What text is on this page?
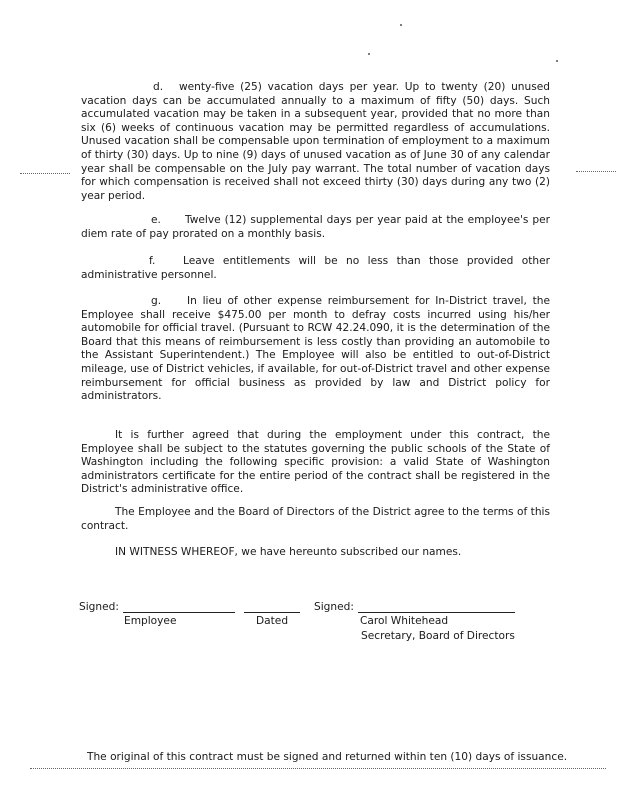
d. wenty-five (25) vacation days per year. Up to twenty (20) unused vacation days can be accumulated annually to a maximum of fifty (50) days. Such accumulated vacation may be taken in a subsequent year, provided that no more than six (6) weeks of continuous vacation may be permitted regardless of accumulations. Unused vacation shall be compensable upon termination of employment to a maximum of thirty (30) days. Up to nine (9) days of unused vacation as of June 30 of any calendar year shall be compensable on the July pay warrant. The total number of vacation days for which compensation is received shall not exceed thirty (30) days during any two (2) year period.

e. Twelve (12) supplemental days per year paid at the employee's per diem rate of pay prorated on a monthly basis.

f.	Leave entitlements will be no less than those provided other administrative personnel.

g. In lieu of other expense reimbursement for In-District travel, the Employee shall receive $475.00 per month to defray costs incurred using his/her automobile for official travel. (Pursuant to RCW 42.24.090, it is the determination of the Board that this means of reimbursement is less costly than providing an automobile to the Assistant Superintendent.) The Employee will also be entitled to out-of-District mileage, use of District vehicles, if available, for out-of-District travel and other expense reimbursement for official business as provided by law and District policy for administrators.

It is further agreed that during the employment under this contract, the Employee shall be subject to the statutes governing the public schools of the State of Washington including the following specific provision: a valid State of Washington administrators certificate for the entire period of the contract shall be registered in the District's administrative office.

The Employee and the Board of Directors of the District agree to the terms of this contract.

IN WITNESS WHEREOF, we have hereunto subscribed our names.

Signed:
Employee	Dated
Signed:
Carol Whitehead
Secretary, Board of Directors
The original of this contract must be signed and returned within ten (10) days of issuance.
